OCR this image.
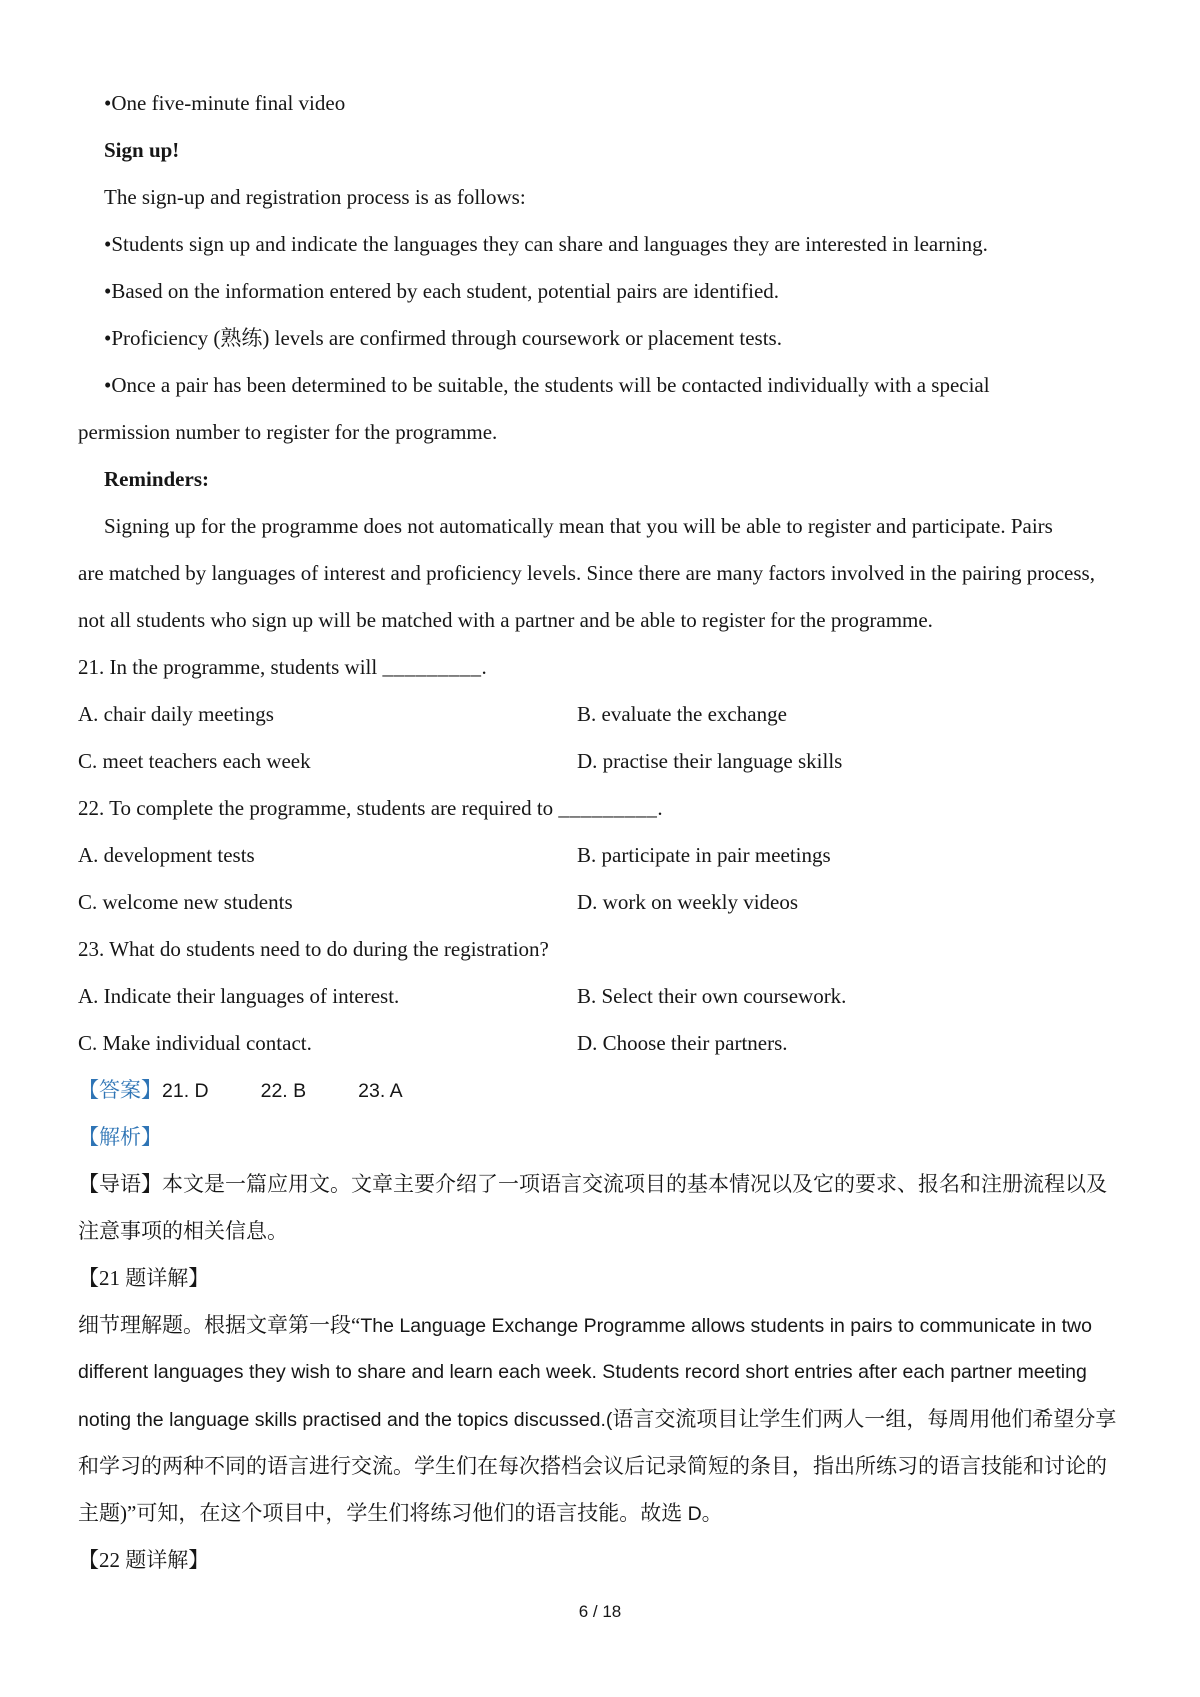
•One five-minute final video
Sign up!
The sign-up and registration process is as follows:
•Students sign up and indicate the languages they can share and languages they are interested in learning.
•Based on the information entered by each student, potential pairs are identified.
•Proficiency (熟练) levels are confirmed through coursework or placement tests.
•Once a pair has been determined to be suitable, the students will be contacted individually with a special
permission number to register for the programme.
Reminders:
Signing up for the programme does not automatically mean that you will be able to register and participate. Pairs
are matched by languages of interest and proficiency levels. Since there are many factors involved in the pairing process,
not all students who sign up will be matched with a partner and be able to register for the programme.
21. In the programme, students will _________.
A. chair daily meetings	B. evaluate the exchange
C. meet teachers each week	D. practise their language skills
22. To complete the programme, students are required to _________.
A. development tests	B. participate in pair meetings
C. welcome new students	D. work on weekly videos
23. What do students need to do during the registration?
A. Indicate their languages of interest.	B. Select their own coursework.
C. Make individual contact.	D. Choose their partners.
【答案】21. D	22. B	23. A
【解析】
【导语】本文是一篇应用文。文章主要介绍了一项语言交流项目的基本情况以及它的要求、报名和注册流程以及
注意事项的相关信息。
【21 题详解】
细节理解题。根据文章第一段“The Language Exchange Programme allows students in pairs to communicate in two
different languages they wish to share and learn each week. Students record short entries after each partner meeting
noting the language skills practised and the topics discussed.(语言交流项目让学生们两人一组，每周用他们希望分享
和学习的两种不同的语言进行交流。学生们在每次搭档会议后记录简短的条目，指出所练习的语言技能和讨论的
主题)”可知，在这个项目中，学生们将练习他们的语言技能。故选 D。
【22 题详解】
6 / 18
